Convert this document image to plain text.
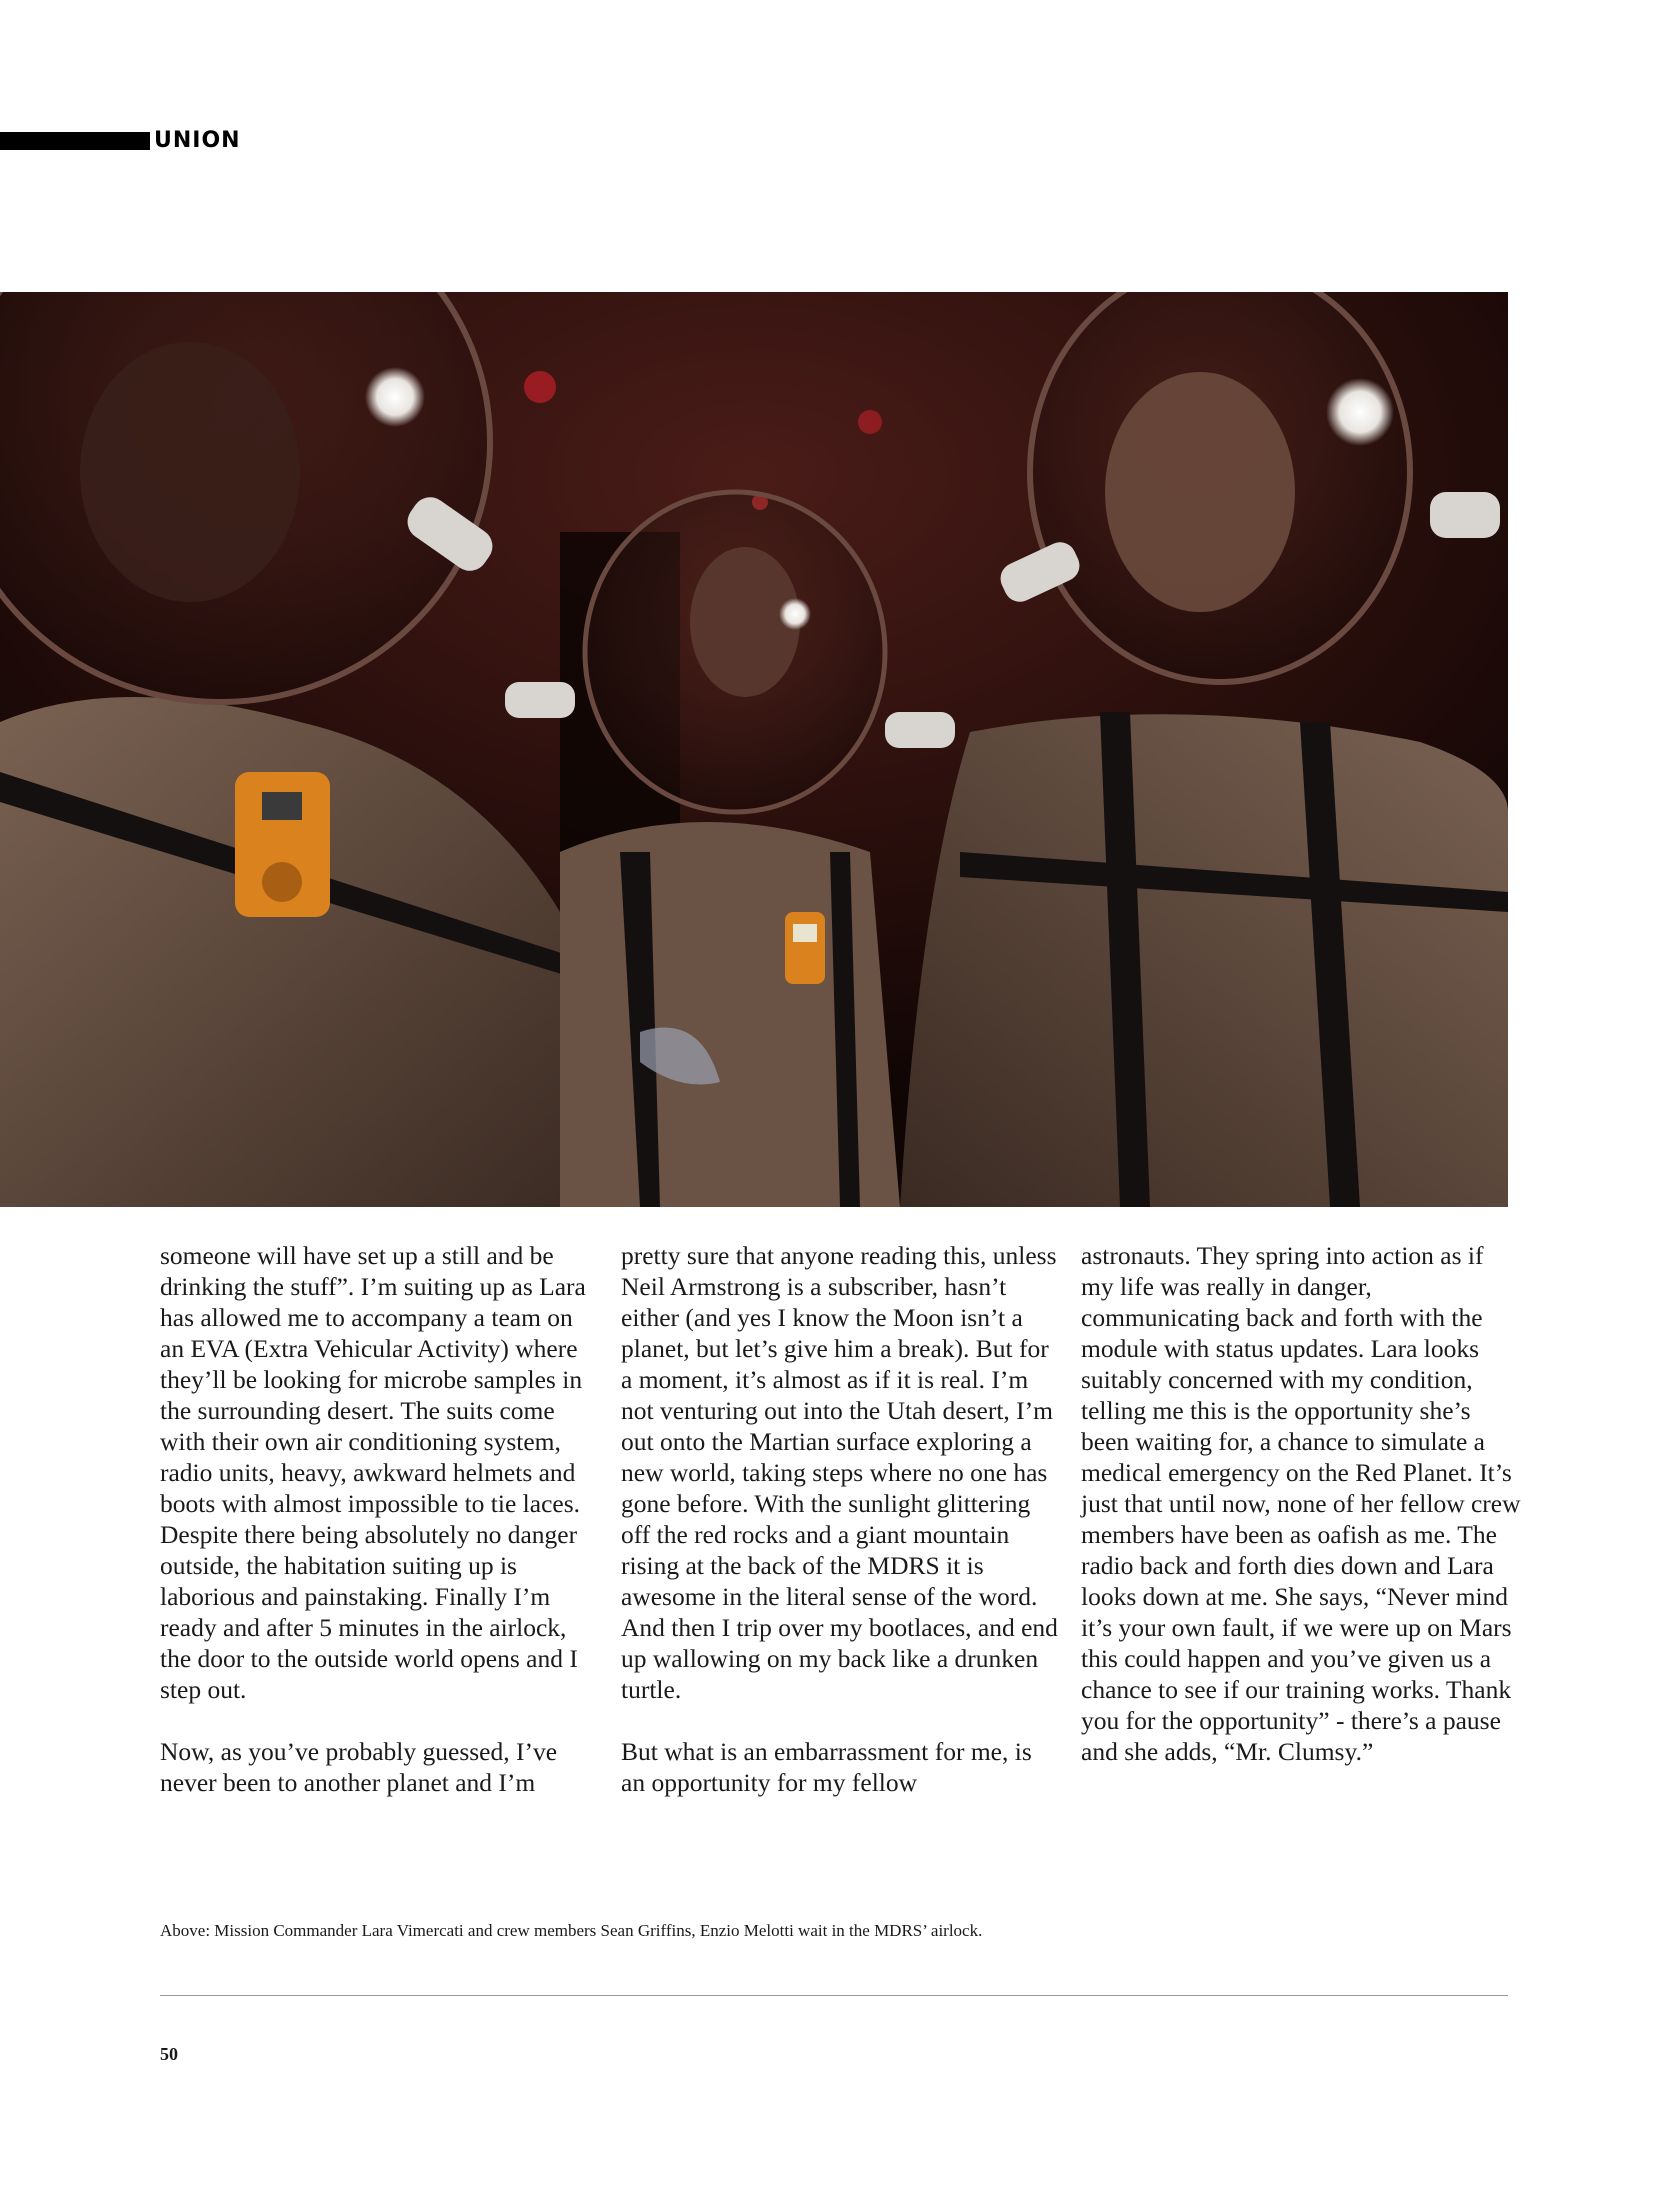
UNION

someone will have set up a still and be drinking the stuff”. I’m suiting up as Lara has allowed me to accompany a team on an EVA (Extra Vehicular Activity) where they’ll be looking for microbe samples in the surrounding desert. The suits come with their own air conditioning system, radio units, heavy, awkward helmets and boots with almost impossible to tie laces. Despite there being absolutely no danger outside, the habitation suiting up is laborious and painstaking. Finally I’m ready and after 5 minutes in the airlock, the door to the outside world opens and I step out.

Now, as you’ve probably guessed, I’ve never been to another planet and I’m

pretty sure that anyone reading this, unless Neil Armstrong is a subscriber, hasn’t either (and yes I know the Moon isn’t a planet, but let’s give him a break). But for a moment, it’s almost as if it is real. I’m not venturing out into the Utah desert, I’m out onto the Martian surface exploring a new world, taking steps where no one has gone before. With the sunlight glittering off the red rocks and a giant mountain rising at the back of the MDRS it is awesome in the literal sense of the word. And then I trip over my bootlaces, and end up wallowing on my back like a drunken turtle.

But what is an embarrassment for me, is an opportunity for my fellow

astronauts. They spring into action as if my life was really in danger, communicating back and forth with the module with status updates. Lara looks suitably concerned with my condition, telling me this is the opportunity she’s been waiting for, a chance to simulate a medical emergency on the Red Planet. It’s just that until now, none of her fellow crew members have been as oafish as me. The radio back and forth dies down and Lara looks down at me. She says, “Never mind it’s your own fault, if we were up on Mars this could happen and you’ve given us a chance to see if our training works. Thank you for the opportunity” - there’s a pause and she adds, “Mr. Clumsy.”

Above: Mission Commander Lara Vimercati and crew members Sean Griffins, Enzio Melotti wait in the MDRS’ airlock.
50
